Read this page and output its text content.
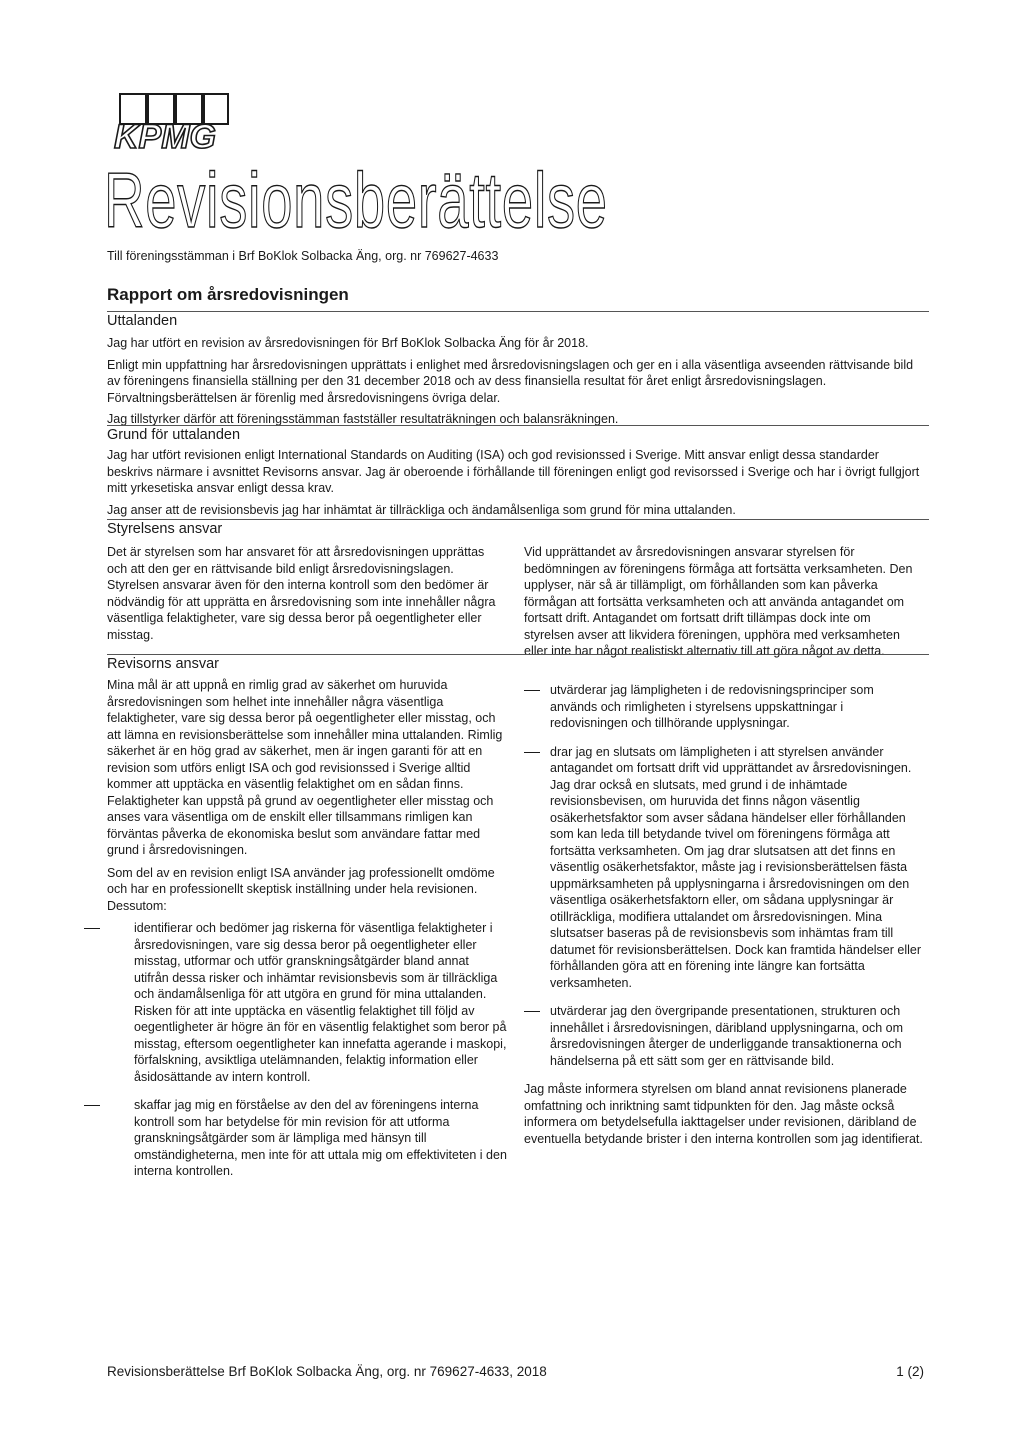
KPMG
Revisionsberättelse
Till föreningsstämman i Brf BoKlok Solbacka Äng, org. nr 769627-4633
Rapport om årsredovisningen
Uttalanden

Jag har utfört en revision av årsredovisningen för Brf BoKlok Solbacka Äng för år 2018.

Enligt min uppfattning har årsredovisningen upprättats i enlighet med årsredovisningslagen och ger en i alla väsentliga avseenden rättvisande bild av föreningens finansiella ställning per den 31 december 2018 och av dess finansiella resultat för året enligt årsredovisningslagen. Förvaltningsberättelsen är förenlig med årsredovisningens övriga delar.

Jag tillstyrker därför att föreningsstämman fastställer resultaträkningen och balansräkningen.

Grund för uttalanden

Jag har utfört revisionen enligt International Standards on Auditing (ISA) och god revisionssed i Sverige. Mitt ansvar enligt dessa standarder beskrivs närmare i avsnittet Revisorns ansvar. Jag är oberoende i förhållande till föreningen enligt god revisorssed i Sverige och har i övrigt fullgjort mitt yrkesetiska ansvar enligt dessa krav.

Jag anser att de revisionsbevis jag har inhämtat är tillräckliga och ändamålsenliga som grund för mina uttalanden.

Styrelsens ansvar

Det är styrelsen som har ansvaret för att årsredovisningen upprättas och att den ger en rättvisande bild enligt årsredovisningslagen. Styrelsen ansvarar även för den interna kontroll som den bedömer är nödvändig för att upprätta en årsredovisning som inte innehåller några väsentliga felaktigheter, vare sig dessa beror på oegentligheter eller misstag.

Vid upprättandet av årsredovisningen ansvarar styrelsen för bedömningen av föreningens förmåga att fortsätta verksamheten. Den upplyser, när så är tillämpligt, om förhållanden som kan påverka förmågan att fortsätta verksamheten och att använda antagandet om fortsatt drift. Antagandet om fortsatt drift tillämpas dock inte om styrelsen avser att likvidera föreningen, upphöra med verksamheten eller inte har något realistiskt alternativ till att göra något av detta.

Revisorns ansvar

Mina mål är att uppnå en rimlig grad av säkerhet om huruvida årsredovisningen som helhet inte innehåller några väsentliga felaktigheter, vare sig dessa beror på oegentligheter eller misstag, och att lämna en revisionsberättelse som innehåller mina uttalanden. Rimlig säkerhet är en hög grad av säkerhet, men är ingen garanti för att en revision som utförs enligt ISA och god revisionssed i Sverige alltid kommer att upptäcka en väsentlig felaktighet om en sådan finns. Felaktigheter kan uppstå på grund av oegentligheter eller misstag och anses vara väsentliga om de enskilt eller tillsammans rimligen kan förväntas påverka de ekonomiska beslut som användare fattar med grund i årsredovisningen.

Som del av en revision enligt ISA använder jag professionellt omdöme och har en professionellt skeptisk inställning under hela revisionen. Dessutom:

identifierar och bedömer jag riskerna för väsentliga felaktigheter i årsredovisningen, vare sig dessa beror på oegentligheter eller misstag, utformar och utför granskningsåtgärder bland annat utifrån dessa risker och inhämtar revisionsbevis som är tillräckliga och ändamålsenliga för att utgöra en grund för mina uttalanden. Risken för att inte upptäcka en väsentlig felaktighet till följd av oegentligheter är högre än för en väsentlig felaktighet som beror på misstag, eftersom oegentligheter kan innefatta agerande i maskopi, förfalskning, avsiktliga utelämnanden, felaktig information eller åsidosättande av intern kontroll.
skaffar jag mig en förståelse av den del av föreningens interna kontroll som har betydelse för min revision för att utforma granskningsåtgärder som är lämpliga med hänsyn till omständigheterna, men inte för att uttala mig om effektiviteten i den interna kontrollen.
utvärderar jag lämpligheten i de redovisningsprinciper som används och rimligheten i styrelsens uppskattningar i redovisningen och tillhörande upplysningar.
drar jag en slutsats om lämpligheten i att styrelsen använder antagandet om fortsatt drift vid upprättandet av årsredovisningen. Jag drar också en slutsats, med grund i de inhämtade revisionsbevisen, om huruvida det finns någon väsentlig osäkerhetsfaktor som avser sådana händelser eller förhållanden som kan leda till betydande tvivel om föreningens förmåga att fortsätta verksamheten. Om jag drar slutsatsen att det finns en väsentlig osäkerhetsfaktor, måste jag i revisionsberättelsen fästa uppmärksamheten på upplysningarna i årsredovisningen om den väsentliga osäkerhetsfaktorn eller, om sådana upplysningar är otillräckliga, modifiera uttalandet om årsredovisningen. Mina slutsatser baseras på de revisionsbevis som inhämtas fram till datumet för revisionsberättelsen. Dock kan framtida händelser eller förhållanden göra att en förening inte längre kan fortsätta verksamheten.
utvärderar jag den övergripande presentationen, strukturen och innehållet i årsredovisningen, däribland upplysningarna, och om årsredovisningen återger de underliggande transaktionerna och händelserna på ett sätt som ger en rättvisande bild.

Jag måste informera styrelsen om bland annat revisionens planerade omfattning och inriktning samt tidpunkten för den. Jag måste också informera om betydelsefulla iakttagelser under revisionen, däribland de eventuella betydande brister i den interna kontrollen som jag identifierat.

Revisionsberättelse Brf BoKlok Solbacka Äng, org. nr 769627-4633, 2018	1 (2)
